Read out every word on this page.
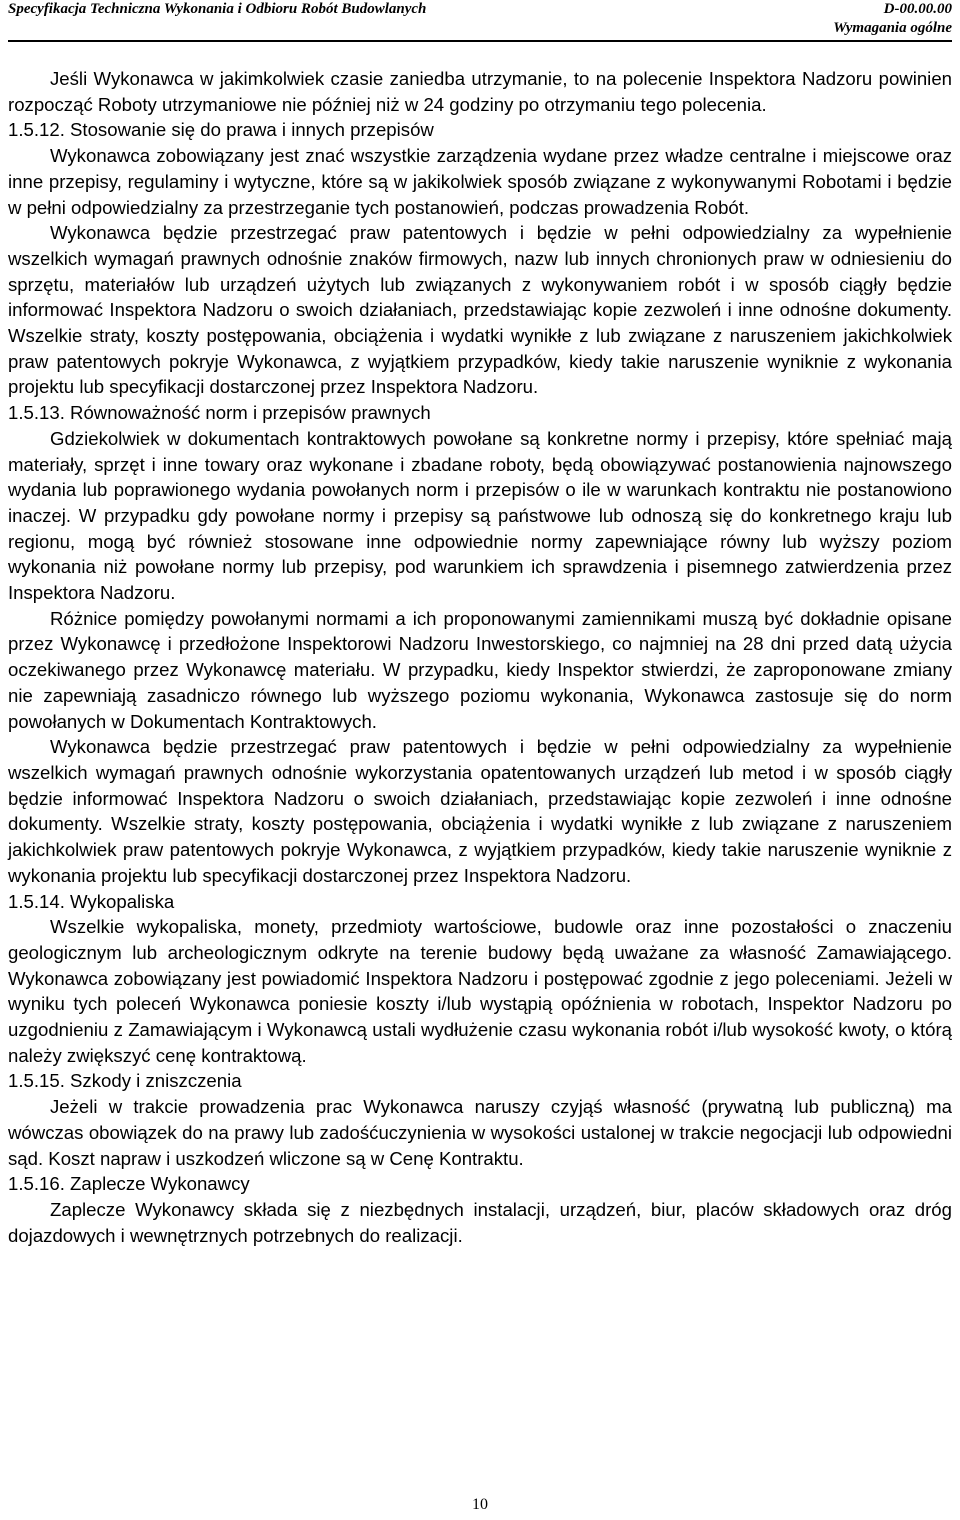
Specyfikacja Techniczna Wykonania i Odbioru Robót Budowlanych	D-00.00.00
Wymagania ogólne

Jeśli Wykonawca w jakimkolwiek czasie zaniedba utrzymanie, to na polecenie Inspektora Nadzoru powinien rozpocząć Roboty utrzymaniowe nie później niż w 24 godziny po otrzymaniu tego polecenia.

1.5.12. Stosowanie się do prawa i innych przepisów

Wykonawca zobowiązany jest znać wszystkie zarządzenia wydane przez władze centralne i miejscowe oraz inne przepisy, regulaminy i wytyczne, które są w jakikolwiek sposób związane z wykonywanymi Robotami i będzie w pełni odpowiedzialny za przestrzeganie tych postanowień, podczas prowadzenia Robót.

Wykonawca będzie przestrzegać praw patentowych i będzie w pełni odpowiedzialny za wypełnienie wszelkich wymagań prawnych odnośnie znaków firmowych, nazw lub innych chronionych praw w odniesieniu do sprzętu, materiałów lub urządzeń użytych lub związanych z wykonywaniem robót i w sposób ciągły będzie informować Inspektora Nadzoru o swoich działaniach, przedstawiając kopie zezwoleń i inne odnośne dokumenty. Wszelkie straty, koszty postępowania, obciążenia i wydatki wynikłe z lub związane z naruszeniem jakichkolwiek praw patentowych pokryje Wykonawca, z wyjątkiem przypadków, kiedy takie naruszenie wyniknie z wykonania projektu lub specyfikacji dostarczonej przez Inspektora Nadzoru.

1.5.13. Równoważność norm i przepisów prawnych

Gdziekolwiek w dokumentach kontraktowych powołane są konkretne normy i przepisy, które spełniać mają materiały, sprzęt i inne towary oraz wykonane i zbadane roboty, będą obowiązywać postanowienia najnowszego wydania lub poprawionego wydania powołanych norm i przepisów o ile w warunkach kontraktu nie postanowiono inaczej. W przypadku gdy powołane normy i przepisy są państwowe lub odnoszą się do konkretnego kraju lub regionu, mogą być również stosowane inne odpowiednie normy zapewniające równy lub wyższy poziom wykonania niż powołane normy lub przepisy, pod warunkiem ich sprawdzenia i pisemnego zatwierdzenia przez Inspektora Nadzoru.

Różnice pomiędzy powołanymi normami a ich proponowanymi zamiennikami muszą być dokładnie opisane przez Wykonawcę i przedłożone Inspektorowi Nadzoru Inwestorskiego, co najmniej na 28 dni przed datą użycia oczekiwanego przez Wykonawcę materiału. W przypadku, kiedy Inspektor stwierdzi, że zaproponowane zmiany nie zapewniają zasadniczo równego lub wyższego poziomu wykonania, Wykonawca zastosuje się do norm powołanych w Dokumentach Kontraktowych.

Wykonawca będzie przestrzegać praw patentowych i będzie w pełni odpowiedzialny za wypełnienie wszelkich wymagań prawnych odnośnie wykorzystania opatentowanych urządzeń lub metod i w sposób ciągły będzie informować Inspektora Nadzoru o swoich działaniach, przedstawiając kopie zezwoleń i inne odnośne dokumenty. Wszelkie straty, koszty postępowania, obciążenia i wydatki wynikłe z lub związane z naruszeniem jakichkolwiek praw patentowych pokryje Wykonawca, z wyjątkiem przypadków, kiedy takie naruszenie wyniknie z wykonania projektu lub specyfikacji dostarczonej przez Inspektora Nadzoru.

1.5.14. Wykopaliska

Wszelkie wykopaliska, monety, przedmioty wartościowe, budowle oraz inne pozostałości o znaczeniu geologicznym lub archeologicznym odkryte na terenie budowy będą uważane za własność Zamawiającego. Wykonawca zobowiązany jest powiadomić Inspektora Nadzoru i postępować zgodnie z jego poleceniami. Jeżeli w wyniku tych poleceń Wykonawca poniesie koszty i/lub wystąpią opóźnienia w robotach, Inspektor Nadzoru po uzgodnieniu z Zamawiającym i Wykonawcą ustali wydłużenie czasu wykonania robót i/lub wysokość kwoty, o którą należy zwiększyć cenę kontraktową.

1.5.15. Szkody i zniszczenia

Jeżeli w trakcie prowadzenia prac Wykonawca naruszy czyjąś własność (prywatną lub publiczną) ma wówczas obowiązek do na prawy lub zadośćuczynienia w wysokości ustalonej w trakcie negocjacji lub odpowiedni sąd. Koszt napraw i uszkodzeń wliczone są w Cenę Kontraktu.

1.5.16. Zaplecze Wykonawcy

Zaplecze Wykonawcy składa się z niezbędnych instalacji, urządzeń, biur, placów składowych oraz dróg dojazdowych i wewnętrznych potrzebnych do realizacji.

10
